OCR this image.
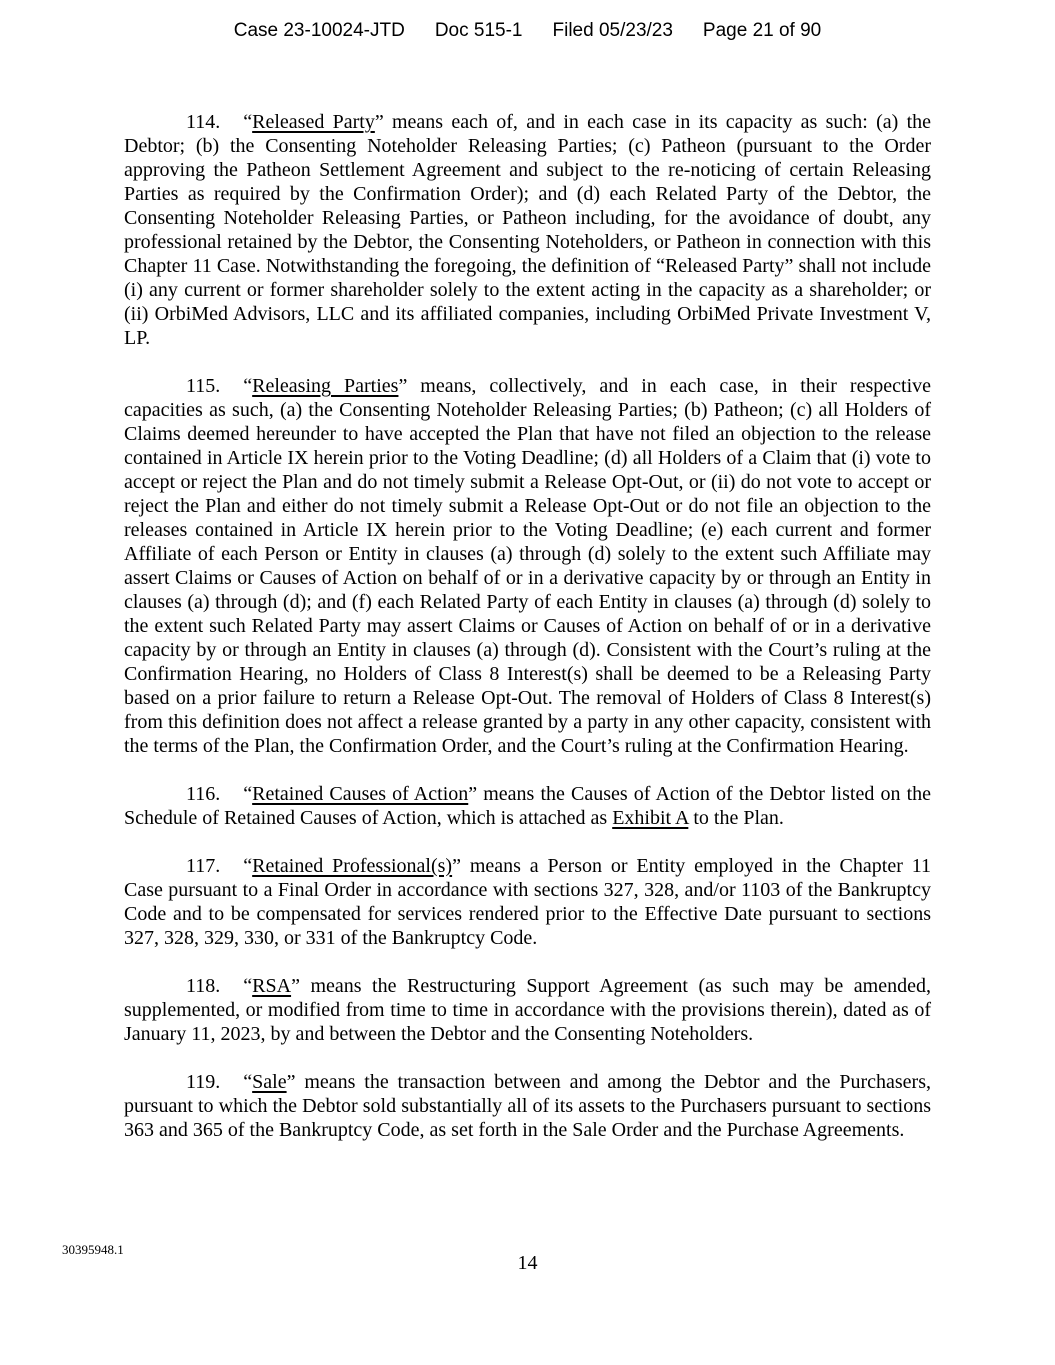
Case 23-10024-JTD Doc 515-1 Filed 05/23/23 Page 21 of 90

114. “Released Party” means each of, and in each case in its capacity as such: (a) the Debtor; (b) the Consenting Noteholder Releasing Parties; (c) Patheon (pursuant to the Order approving the Patheon Settlement Agreement and subject to the re-noticing of certain Releasing Parties as required by the Confirmation Order); and (d) each Related Party of the Debtor, the Consenting Noteholder Releasing Parties, or Patheon including, for the avoidance of doubt, any professional retained by the Debtor, the Consenting Noteholders, or Patheon in connection with this Chapter 11 Case. Notwithstanding the foregoing, the definition of “Released Party” shall not include (i) any current or former shareholder solely to the extent acting in the capacity as a shareholder; or (ii) OrbiMed Advisors, LLC and its affiliated companies, including OrbiMed Private Investment V, LP.

115. “Releasing Parties” means, collectively, and in each case, in their respective capacities as such, (a) the Consenting Noteholder Releasing Parties; (b) Patheon; (c) all Holders of Claims deemed hereunder to have accepted the Plan that have not filed an objection to the release contained in Article IX herein prior to the Voting Deadline; (d) all Holders of a Claim that (i) vote to accept or reject the Plan and do not timely submit a Release Opt-Out, or (ii) do not vote to accept or reject the Plan and either do not timely submit a Release Opt-Out or do not file an objection to the releases contained in Article IX herein prior to the Voting Deadline; (e) each current and former Affiliate of each Person or Entity in clauses (a) through (d) solely to the extent such Affiliate may assert Claims or Causes of Action on behalf of or in a derivative capacity by or through an Entity in clauses (a) through (d); and (f) each Related Party of each Entity in clauses (a) through (d) solely to the extent such Related Party may assert Claims or Causes of Action on behalf of or in a derivative capacity by or through an Entity in clauses (a) through (d). Consistent with the Court’s ruling at the Confirmation Hearing, no Holders of Class 8 Interest(s) shall be deemed to be a Releasing Party based on a prior failure to return a Release Opt-Out. The removal of Holders of Class 8 Interest(s) from this definition does not affect a release granted by a party in any other capacity, consistent with the terms of the Plan, the Confirmation Order, and the Court’s ruling at the Confirmation Hearing.

116. “Retained Causes of Action” means the Causes of Action of the Debtor listed on the Schedule of Retained Causes of Action, which is attached as Exhibit A to the Plan.

117. “Retained Professional(s)” means a Person or Entity employed in the Chapter 11 Case pursuant to a Final Order in accordance with sections 327, 328, and/or 1103 of the Bankruptcy Code and to be compensated for services rendered prior to the Effective Date pursuant to sections 327, 328, 329, 330, or 331 of the Bankruptcy Code.

118. “RSA” means the Restructuring Support Agreement (as such may be amended, supplemented, or modified from time to time in accordance with the provisions therein), dated as of January 11, 2023, by and between the Debtor and the Consenting Noteholders.

119. “Sale” means the transaction between and among the Debtor and the Purchasers, pursuant to which the Debtor sold substantially all of its assets to the Purchasers pursuant to sections 363 and 365 of the Bankruptcy Code, as set forth in the Sale Order and the Purchase Agreements.

30395948.1
14
